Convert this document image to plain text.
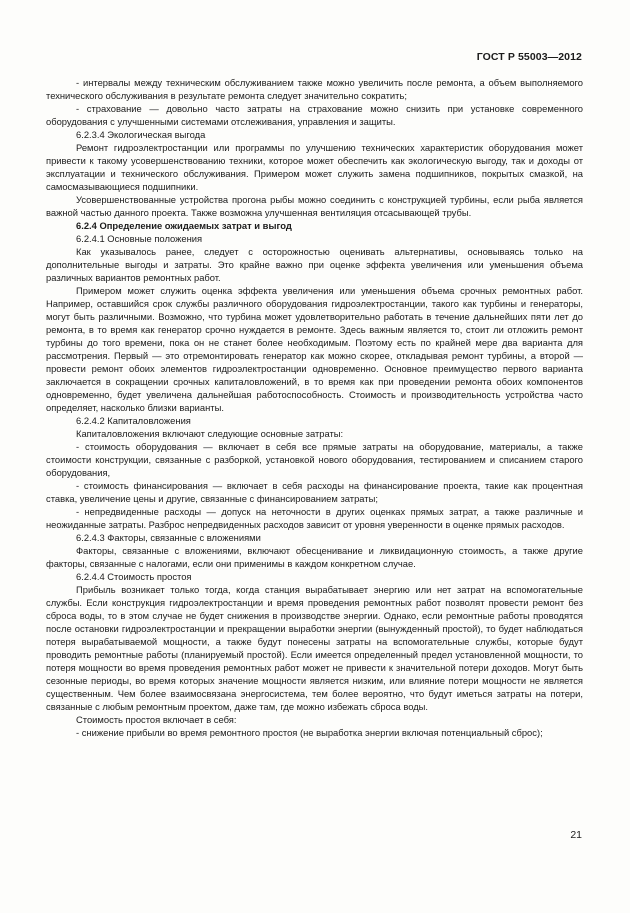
ГОСТ Р 55003—2012

- интервалы между техническим обслуживанием также можно увеличить после ремонта, а объем выполняемого технического обслуживания в результате ремонта следует значительно сократить;

- страхование — довольно часто затраты на страхование можно снизить при установке современного оборудования с улучшенными системами отслеживания, управления и защиты.

6.2.3.4 Экологическая выгода

Ремонт гидроэлектростанции или программы по улучшению технических характеристик оборудования может привести к такому усовершенствованию техники, которое может обеспечить как экологическую выгоду, так и доходы от эксплуатации и технического обслуживания. Примером может служить замена подшипников, покрытых смазкой, на самосмазывающиеся подшипники.

Усовершенствованные устройства прогона рыбы можно соединить с конструкцией турбины, если рыба является важной частью данного проекта. Также возможна улучшенная вентиляция отсасывающей трубы.

6.2.4 Определение ожидаемых затрат и выгод

6.2.4.1 Основные положения

Как указывалось ранее, следует с осторожностью оценивать альтернативы, основываясь только на дополнительные выгоды и затраты. Это крайне важно при оценке эффекта увеличения или уменьшения объема различных вариантов ремонтных работ.

Примером может служить оценка эффекта увеличения или уменьшения объема срочных ремонтных работ. Например, оставшийся срок службы различного оборудования гидроэлектростанции, такого как турбины и генераторы, могут быть различными. Возможно, что турбина может удовлетворительно работать в течение дальнейших пяти лет до ремонта, в то время как генератор срочно нуждается в ремонте. Здесь важным является то, стоит ли отложить ремонт турбины до того времени, пока он не станет более необходимым. Поэтому есть по крайней мере два варианта для рассмотрения. Первый — это отремонтировать генератор как можно скорее, откладывая ремонт турбины, а второй — провести ремонт обоих элементов гидроэлектростанции одновременно. Основное преимущество первого варианта заключается в сокращении срочных капиталовложений, в то время как при проведении ремонта обоих компонентов одновременно, будет увеличена дальнейшая работоспособность. Стоимость и производительность устройства часто определяет, насколько близки варианты.

6.2.4.2 Капиталовложения

Капиталовложения включают следующие основные затраты:

- стоимость оборудования — включает в себя все прямые затраты на оборудование, материалы, а также стоимости конструкции, связанные с разборкой, установкой нового оборудования, тестированием и списанием старого оборудования,

- стоимость финансирования — включает в себя расходы на финансирование проекта, такие как процентная ставка, увеличение цены и другие, связанные с финансированием затраты;

- непредвиденные расходы — допуск на неточности в других оценках прямых затрат, а также различные и неожиданные затраты. Разброс непредвиденных расходов зависит от уровня уверенности в оценке прямых расходов.

6.2.4.3 Факторы, связанные с вложениями

Факторы, связанные с вложениями, включают обесценивание и ликвидационную стоимость, а также другие факторы, связанные с налогами, если они применимы в каждом конкретном случае.

6.2.4.4 Стоимость простоя

Прибыль возникает только тогда, когда станция вырабатывает энергию или нет затрат на вспомогательные службы. Если конструкция гидроэлектростанции и время проведения ремонтных работ позволят провести ремонт без сброса воды, то в этом случае не будет снижения в производстве энергии. Однако, если ремонтные работы проводятся после остановки гидроэлектростанции и прекращении выработки энергии (вынужденный простой), то будет наблюдаться потеря вырабатываемой мощности, а также будут понесены затраты на вспомогательные службы, которые будут проводить ремонтные работы (планируемый простой). Если имеется определенный предел установленной мощности, то потеря мощности во время проведения ремонтных работ может не привести к значительной потери доходов. Могут быть сезонные периоды, во время которых значение мощности является низким, или влияние потери мощности не является существенным. Чем более взаимосвязана энергосистема, тем более вероятно, что будут иметься затраты на потери, связанные с любым ремонтным проектом, даже там, где можно избежать сброса воды.

Стоимость простоя включает в себя:

- снижение прибыли во время ремонтного простоя (не выработка энергии включая потенциальный сброс);

21
